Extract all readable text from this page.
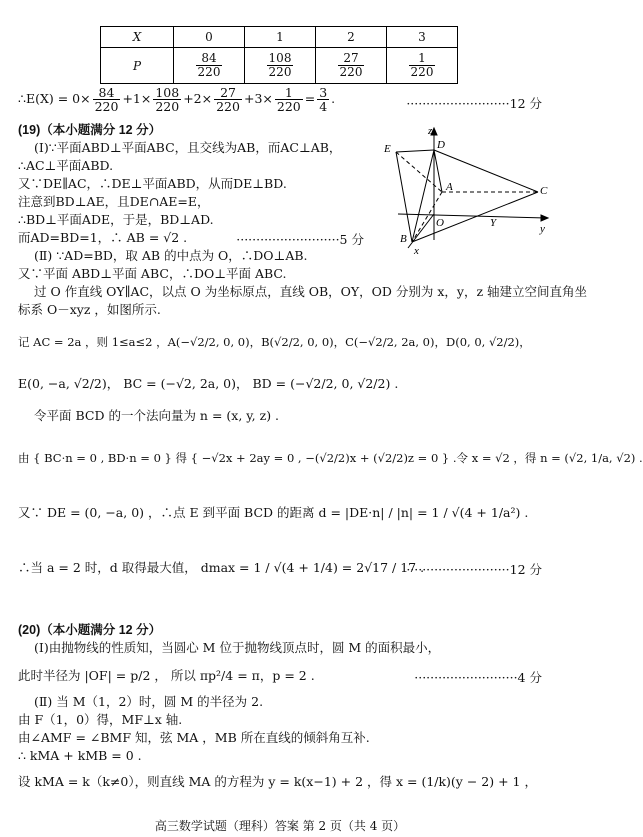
X	0	1	2	3
P	$\frac{84}{220}$	$\frac{108}{220}$	$\frac{27}{220}$	$\frac{1}{220}$
∴E(X) = $0\times \frac{84}{220} +1\times \frac{108}{220} +2\times \frac{27}{220} +3\times \frac{1}{220} = \frac{3}{4}$ .	··························12 分
(19)（本小题满分 12 分）
(Ⅰ)∵平面ABD⊥平面ABC，且交线为AB，而AC⊥AB，
∴AC⊥平面ABD.
又∵DE∥AC，∴DE⊥平面ABD，从而DE⊥BD.
注意到BD⊥AE，且DE∩AE=E，
∴BD⊥平面ADE，于是，BD⊥AD.
而AD=BD=1，∴ AB = √2 .	··························5 分
(Ⅱ) ∵AD=BD，取 AB 的中点为 O，∴DO⊥AB.
又∵平面 ABD⊥平面 ABC，∴DO⊥平面 ABC.
过 O 作直线 OY∥AC，以点 O 为坐标原点，直线 OB，OY，OD 分别为 x，y，z 轴建立空间直角坐
标系 O－xyz ，如图所示.
记 AC = 2a ，则 1≤a≤2 ，A(−√2/2, 0, 0)，B(√2/2, 0, 0)，C(−√2/2, 2a, 0)，D(0, 0, √2/2)，
E(0, −a, √2/2)， BC = (−√2, 2a, 0)， BD = (−√2/2, 0, √2/2) .
令平面 BCD 的一个法向量为 n = (x, y, z) .
由 { BC·n = 0 , BD·n = 0 } 得 { −√2x + 2ay = 0 , −(√2/2)x + (√2/2)z = 0 } .令 x = √2 ，得 n = (√2, 1/a, √2) .
又∵ DE = (0, −a, 0) ，∴点 E 到平面 BCD 的距离 d = |DE·n| / |n| = 1 / √(4 + 1/a²) .
∴当 a = 2 时，d 取得最大值， dmax = 1 / √(4 + 1/4) = 2√17 / 17 .
··························12 分
(20)（本小题满分 12 分）
(Ⅰ)由抛物线的性质知，当圆心 M 位于抛物线顶点时，圆 M 的面积最小，
此时半径为 |OF| = p/2 ， 所以 πp²/4 = π，p = 2 .	··························4 分
(Ⅱ) 当 M（1，2）时，圆 M 的半径为 2.
由 F（1，0）得，MF⊥x 轴.
由∠AMF = ∠BMF 知，弦 MA ，MB 所在直线的倾斜角互补.
∴ kMA + kMB = 0 .
设 kMA = k（k≠0），则直线 MA 的方程为 y = k(x−1) + 2 ，得 x = (1/k)(y − 2) + 1 ，
z
E	D
A	C
O	Y
B
x
y
高三数学试题（理科）答案 第 2 页（共 4 页）
